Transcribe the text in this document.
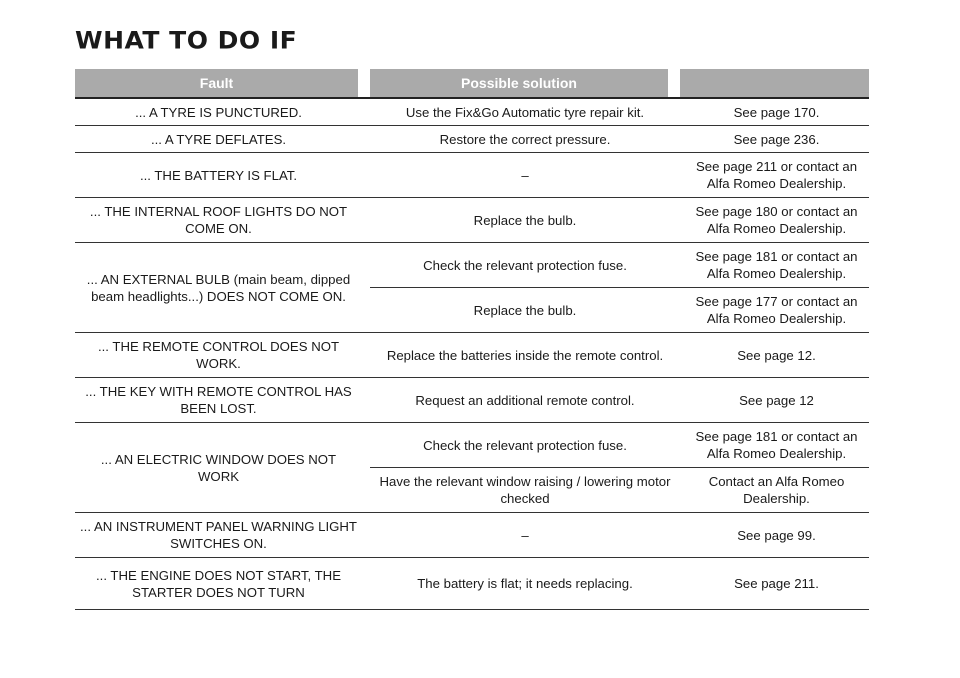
WHAT TO DO IF
Fault	Possible solution	

... A TYRE IS PUNCTURED.	Use the Fix&Go Automatic tyre repair kit.	See page 170.
... A TYRE DEFLATES.	Restore the correct pressure.	See page 236.
... THE BATTERY IS FLAT.	–	See page 211 or contact an Alfa Romeo Dealership.
... THE INTERNAL ROOF LIGHTS DO NOT COME ON.	Replace the bulb.	See page 180 or contact an Alfa Romeo Dealership.
... AN EXTERNAL BULB (main beam, dipped beam headlights...) DOES NOT COME ON.	Check the relevant protection fuse.	See page 181 or contact an Alfa Romeo Dealership.
	Replace the bulb.	See page 177 or contact an Alfa Romeo Dealership.
... THE REMOTE CONTROL DOES NOT WORK.	Replace the batteries inside the remote control.	See page 12.
... THE KEY WITH REMOTE CONTROL HAS BEEN LOST.	Request an additional remote control.	See page 12
... AN ELECTRIC WINDOW DOES NOT WORK	Check the relevant protection fuse.	See page 181 or contact an Alfa Romeo Dealership.
	Have the relevant window raising / lowering motor checked	Contact an Alfa Romeo Dealership.
... AN INSTRUMENT PANEL WARNING LIGHT SWITCHES ON.	–	See page 99.
... THE ENGINE DOES NOT START, THE STARTER DOES NOT TURN	The battery is flat; it needs replacing.	See page 211.
